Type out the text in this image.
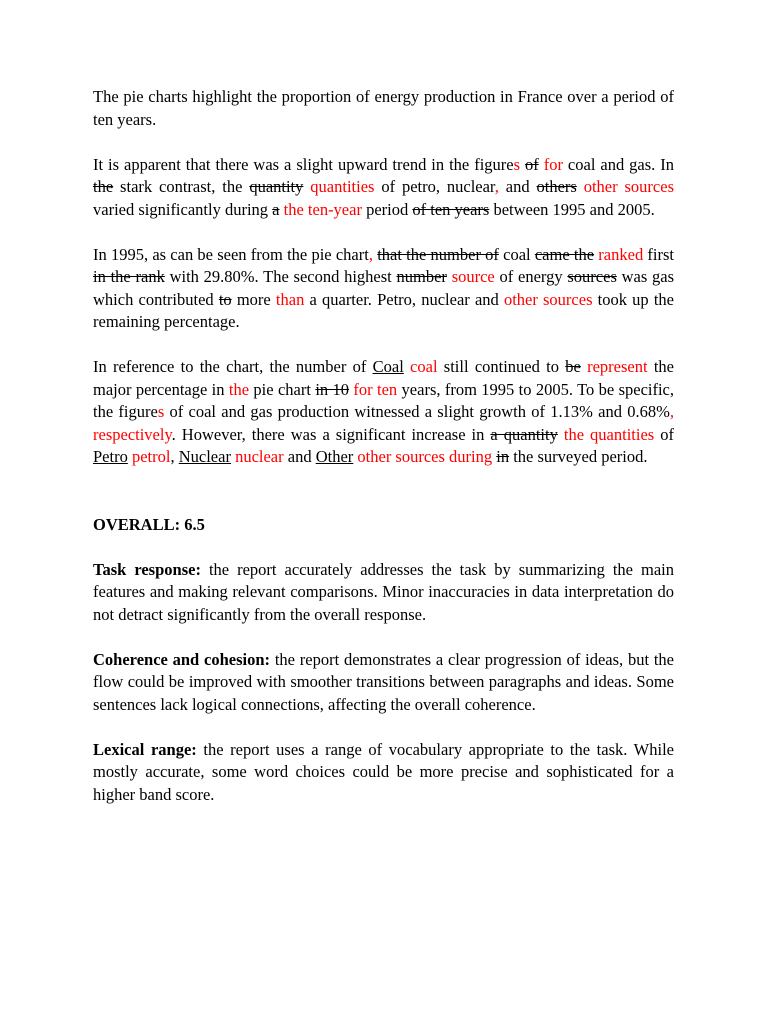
The pie charts highlight the proportion of energy production in France over a period of ten years.

It is apparent that there was a slight upward trend in the figures of for coal and gas. In the stark contrast, the quantity quantities of petro, nuclear, and others other sources varied significantly during a the ten-year period of ten years between 1995 and 2005.

In 1995, as can be seen from the pie chart, that the number of coal came the ranked first in the rank with 29.80%. The second highest number source of energy sources was gas which contributed to more than a quarter. Petro, nuclear and other sources took up the remaining percentage.

In reference to the chart, the number of Coal coal still continued to be represent the major percentage in the pie chart in 10 for ten years, from 1995 to 2005. To be specific, the figures of coal and gas production witnessed a slight growth of 1.13% and 0.68%, respectively. However, there was a significant increase in a quantity the quantities of Petro petrol, Nuclear nuclear and Other other sources during in the surveyed period.

OVERALL: 6.5

Task response: the report accurately addresses the task by summarizing the main features and making relevant comparisons. Minor inaccuracies in data interpretation do not detract significantly from the overall response.

Coherence and cohesion: the report demonstrates a clear progression of ideas, but the flow could be improved with smoother transitions between paragraphs and ideas. Some sentences lack logical connections, affecting the overall coherence.

Lexical range: the report uses a range of vocabulary appropriate to the task. While mostly accurate, some word choices could be more precise and sophisticated for a higher band score.
